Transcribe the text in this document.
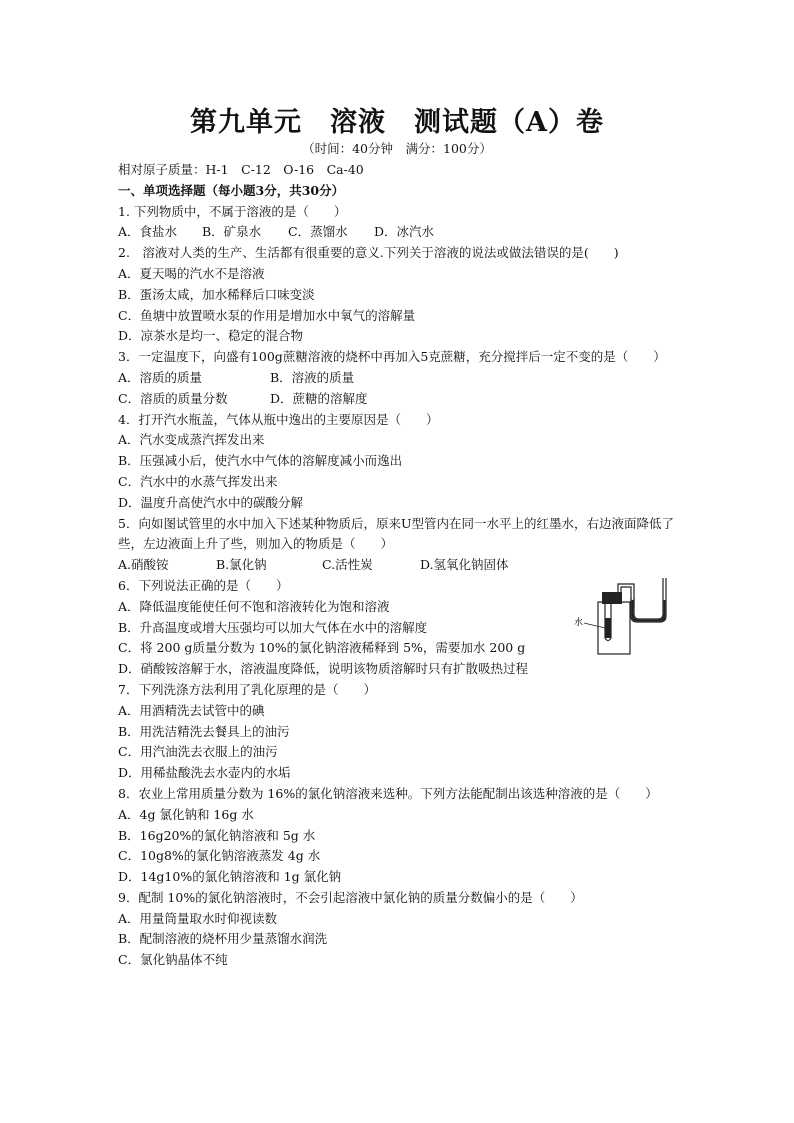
第九单元　溶液　测试题（A）卷
（时间：40分钟　满分：100分）
相对原子质量：H-1　C-12　O-16　Ca-40
一、单项选择题（每小题3分，共30分）
1. 下列物质中，不属于溶液的是（　　）
A．食盐水	B．矿泉水	C．蒸馏水	D．冰汽水
2.　溶液对人类的生产、生活都有很重要的意义.下列关于溶液的说法或做法错误的是(　　)
A．夏天喝的汽水不是溶液
B．蛋汤太咸，加水稀释后口味变淡
C．鱼塘中放置喷水泵的作用是增加水中氧气的溶解量
D．凉茶水是均一、稳定的混合物
3．一定温度下，向盛有100g蔗糖溶液的烧杯中再加入5克蔗糖，充分搅拌后一定不变的是（　　）
A．溶质的质量	B．溶液的质量
C．溶质的质量分数	D．蔗糖的溶解度
4．打开汽水瓶盖，气体从瓶中逸出的主要原因是（　　）
A．汽水变成蒸汽挥发出来
B．压强减小后，使汽水中气体的溶解度减小而逸出
C．汽水中的水蒸气挥发出来
D．温度升高使汽水中的碳酸分解
5．向如图试管里的水中加入下述某种物质后，原来U型管内在同一水平上的红墨水，右边液面降低了些，左边液面上升了些，则加入的物质是（　　）
A.硝酸铵	B.氯化钠	C.活性炭	D.氢氧化钠固体
6．下列说法正确的是（　　）
A．降低温度能使任何不饱和溶液转化为饱和溶液
B．升高温度或增大压强均可以加大气体在水中的溶解度
C．将 200 g质量分数为 10%的氯化钠溶液稀释到 5%，需要加水 200 g
D．硝酸铵溶解于水，溶液温度降低，说明该物质溶解时只有扩散吸热过程
7．下列洗涤方法利用了乳化原理的是（　　）
A．用酒精洗去试管中的碘
B．用洗洁精洗去餐具上的油污
C．用汽油洗去衣服上的油污
D．用稀盐酸洗去水壶内的水垢
8．农业上常用质量分数为 16%的氯化钠溶液来选种。下列方法能配制出该选种溶液的是（　　）
A．4g 氯化钠和 16g 水
B．16g20%的氯化钠溶液和 5g 水
C．10g8%的氯化钠溶液蒸发 4g 水
D．14g10%的氯化钠溶液和 1g 氯化钠
9．配制 10%的氯化钠溶液时，不会引起溶液中氯化钠的质量分数偏小的是（　　）
A．用量筒量取水时仰视读数
B．配制溶液的烧杯用少量蒸馏水润洗
C．氯化钠晶体不纯
水
